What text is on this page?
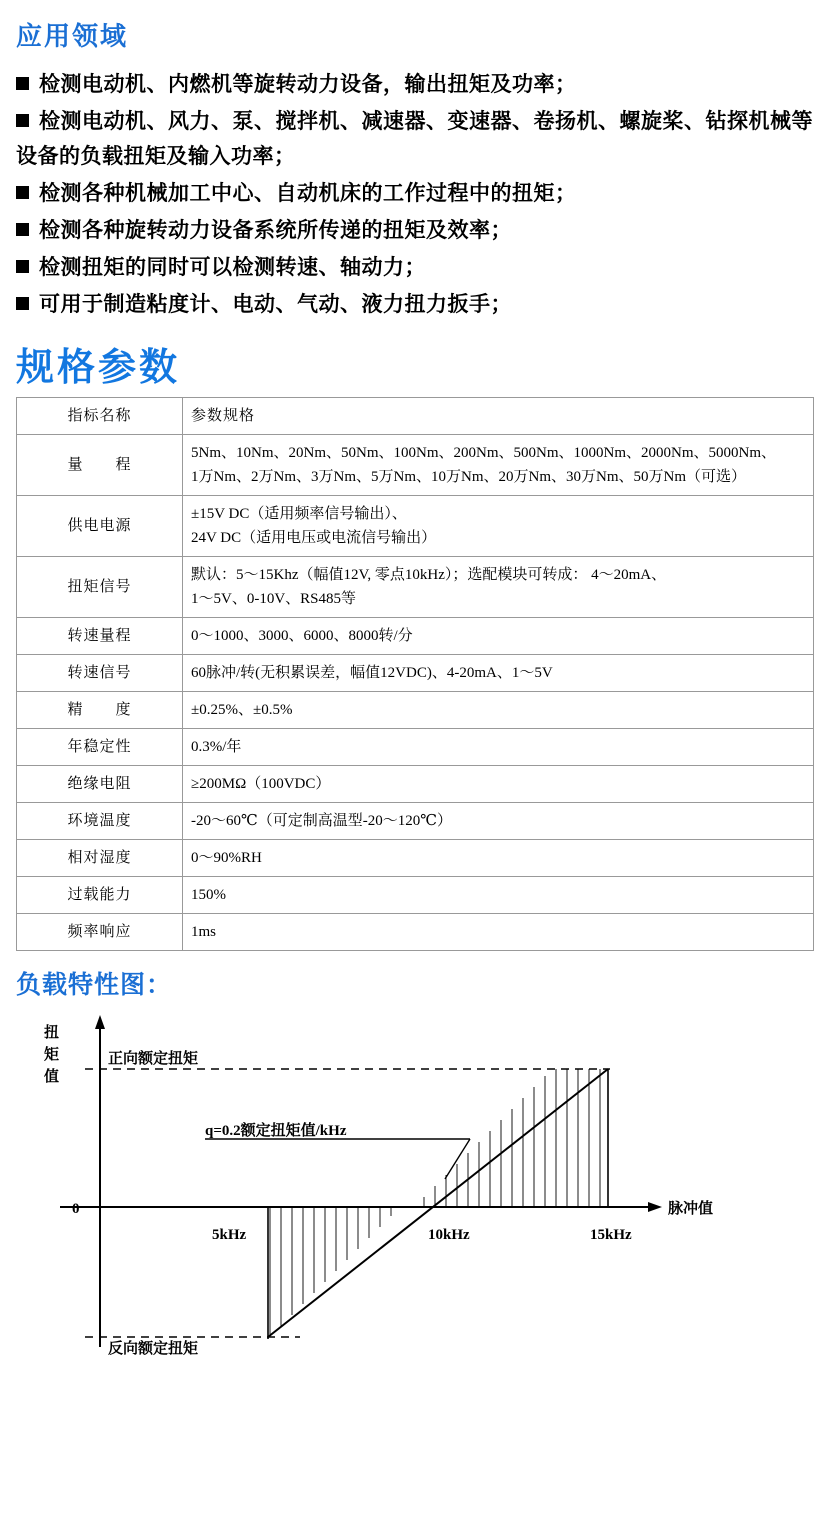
应用领域
检测电动机、内燃机等旋转动力设备，输出扭矩及功率；
检测电动机、风力、泵、搅拌机、减速器、变速器、卷扬机、螺旋桨、钻探机械等设备的负载扭矩及输入功率；
检测各种机械加工中心、自动机床的工作过程中的扭矩；
检测各种旋转动力设备系统所传递的扭矩及效率；
检测扭矩的同时可以检测转速、轴动力；
可用于制造粘度计、电动、气动、液力扭力扳手；
规格参数
指标名称	参数规格
量　　程	5Nm、10Nm、20Nm、50Nm、100Nm、200Nm、500Nm、1000Nm、2000Nm、5000Nm、
1万Nm、2万Nm、3万Nm、5万Nm、10万Nm、20万Nm、30万Nm、50万Nm（可选）

供电电源	±15V DC（适用频率信号输出）、
24V DC（适用电压或电流信号输出）

扭矩信号	默认：5～15Khz（幅值12V, 零点10kHz）；选配模块可转成： 4～20mA、
1～5V、0-10V、RS485等

转速量程	0～1000、3000、6000、8000转/分
转速信号	60脉冲/转(无积累误差，幅值12VDC)、4-20mA、1～5V
精　　度	±0.25%、±0.5%
年稳定性	0.3%/年
绝缘电阻	≥200MΩ（100VDC）
环境温度	-20～60℃（可定制高温型-20～120℃）
相对湿度	0～90%RH
过载能力	150%
频率响应	1ms
负载特性图：
扭
矩
值
正向额定扭矩
反向额定扭矩
q=0.2额定扭矩值/kHz
0
5kHz	10kHz	15kHz
脉冲值
